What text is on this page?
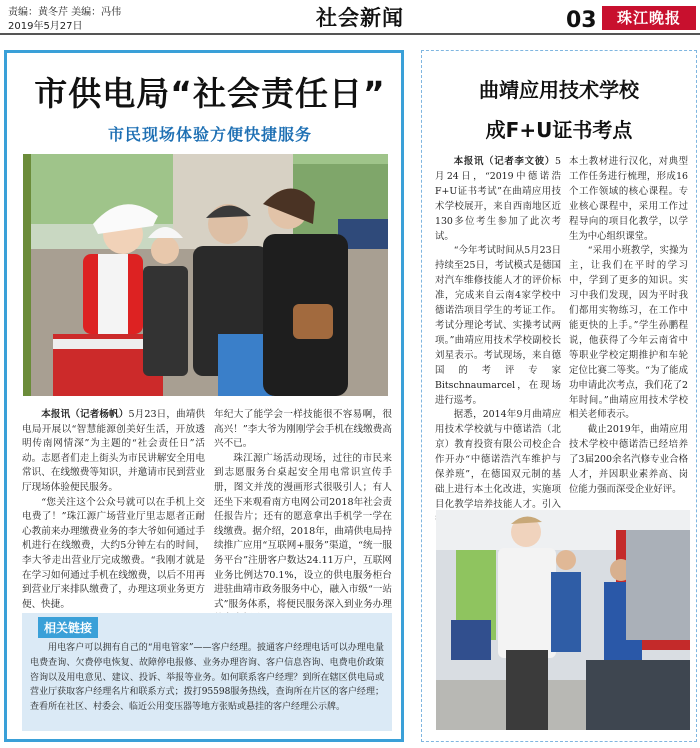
责编：黄冬芹 美编：冯伟
2019年5月27日	社会新闻	03	珠江晚报
市供电局“社会责任日”
市民现场体验方便快捷服务

本报讯（记者杨帆）5月23日，曲靖供电局开展以“智慧能源创美好生活，开放透明传南网情深”为主题的“社会责任日”活动。志愿者们走上街头为市民讲解安全用电常识、在线缴费等知识，并邀请市民到营业厅现场体验便民服务。

“您关注这个公众号就可以在手机上交电费了！”珠江源广场营业厅里志愿者正耐心教前来办理缴费业务的李大爷如何通过手机进行在线缴费，大约5分钟左右的时间，李大爷走出营业厅完成缴费。“我刚才就是在学习如何通过手机在线缴费，以后不用再到营业厅来排队缴费了，办理这项业务更方便、快捷。

年纪大了能学会一样技能很不容易啊，很高兴！”李大爷为刚刚学会手机在线缴费高兴不已。

珠江源广场活动现场，过往的市民来到志愿服务台桌起安全用电常识宣传手册，图文并茂的漫画形式很吸引人；有人还坐下来观看南方电网公司2018年社会责任报告片；还有的愿意拿出手机学一学在线缴费。据介绍，2018年，曲靖供电局持续推广应用“互联网+服务”渠道，“统一服务平台”注册客户数达24.11万户，互联网业务比例达70.1%，设立的供电服务柜台进驻曲靖市政务服务中心，融入市级“一站式”服务体系，将便民服务深入到业务办理

相关链接

用电客户可以拥有自己的“用电管家”——客户经理。披通客户经理电话可以办理电量电费查询、欠费停电恢复、故障停电报修、业务办理咨询、客户信息咨询、电费电价政策咨询以及用电意见、建议、投诉、举报等业务。如何联系客户经理？到所在辖区供电局或营业厅获取客户经理名片和联系方式；拨打95598服务热线，查询所在片区的客户经理；查看所在社区、村委会、临近公用变压器等地方张贴或悬挂的客户经理公示牌。

曲靖应用技术学校
成F+U证书考点

本报讯（记者李文彼）5月24日，“2019中德诺浩F+U证书考试”在曲靖应用技术学校展开，来自西南地区近130多位考生参加了此次考试。

“今年考试时间从5月23日持续至25日，考试模式是德国对汽车维修技能人才的评价标准，完成来自云南4家学校中德诺浩项目学生的考证工作。考试分理论考试、实操考试两项。”曲靖应用技术学校副校长刘星表示。考试现场，来自德国的考评专家Bitschnaumarcel，在现场进行巡考。

据悉，2014年9月曲靖应用技术学校就与中德诺浩（北京）教育投资有限公司校企合作开办“中德诺浩汽车维护与保养班”，在德国双元制的基础上进行本土化改进，实施项目化教学培养技能人才。引入

本土教材进行汉化，对典型工作任务进行梳理，形成16个工作领域的核心课程。专业核心课程中，采用工作过程导向的项目化教学，以学生为中心组织课堂。

“采用小班教学，实操为主，让我们在平时的学习中，学到了更多的知识。实习中我们发现，因为平时我们都用实物练习，在工作中能更快的上手。”学生孙鹏程说，他获得了今年云南省中等职业学校定期推护和车轮定位比赛二等奖。“为了能成功申请此次考点，我们花了2年时间。”曲靖应用技术学校相关老师表示。

截止2019年，曲靖应用技术学校中德诺浩已经培养了3届200余名汽修专业合格人才，并因职业素养高、岗位能力强而深受企业好评。
